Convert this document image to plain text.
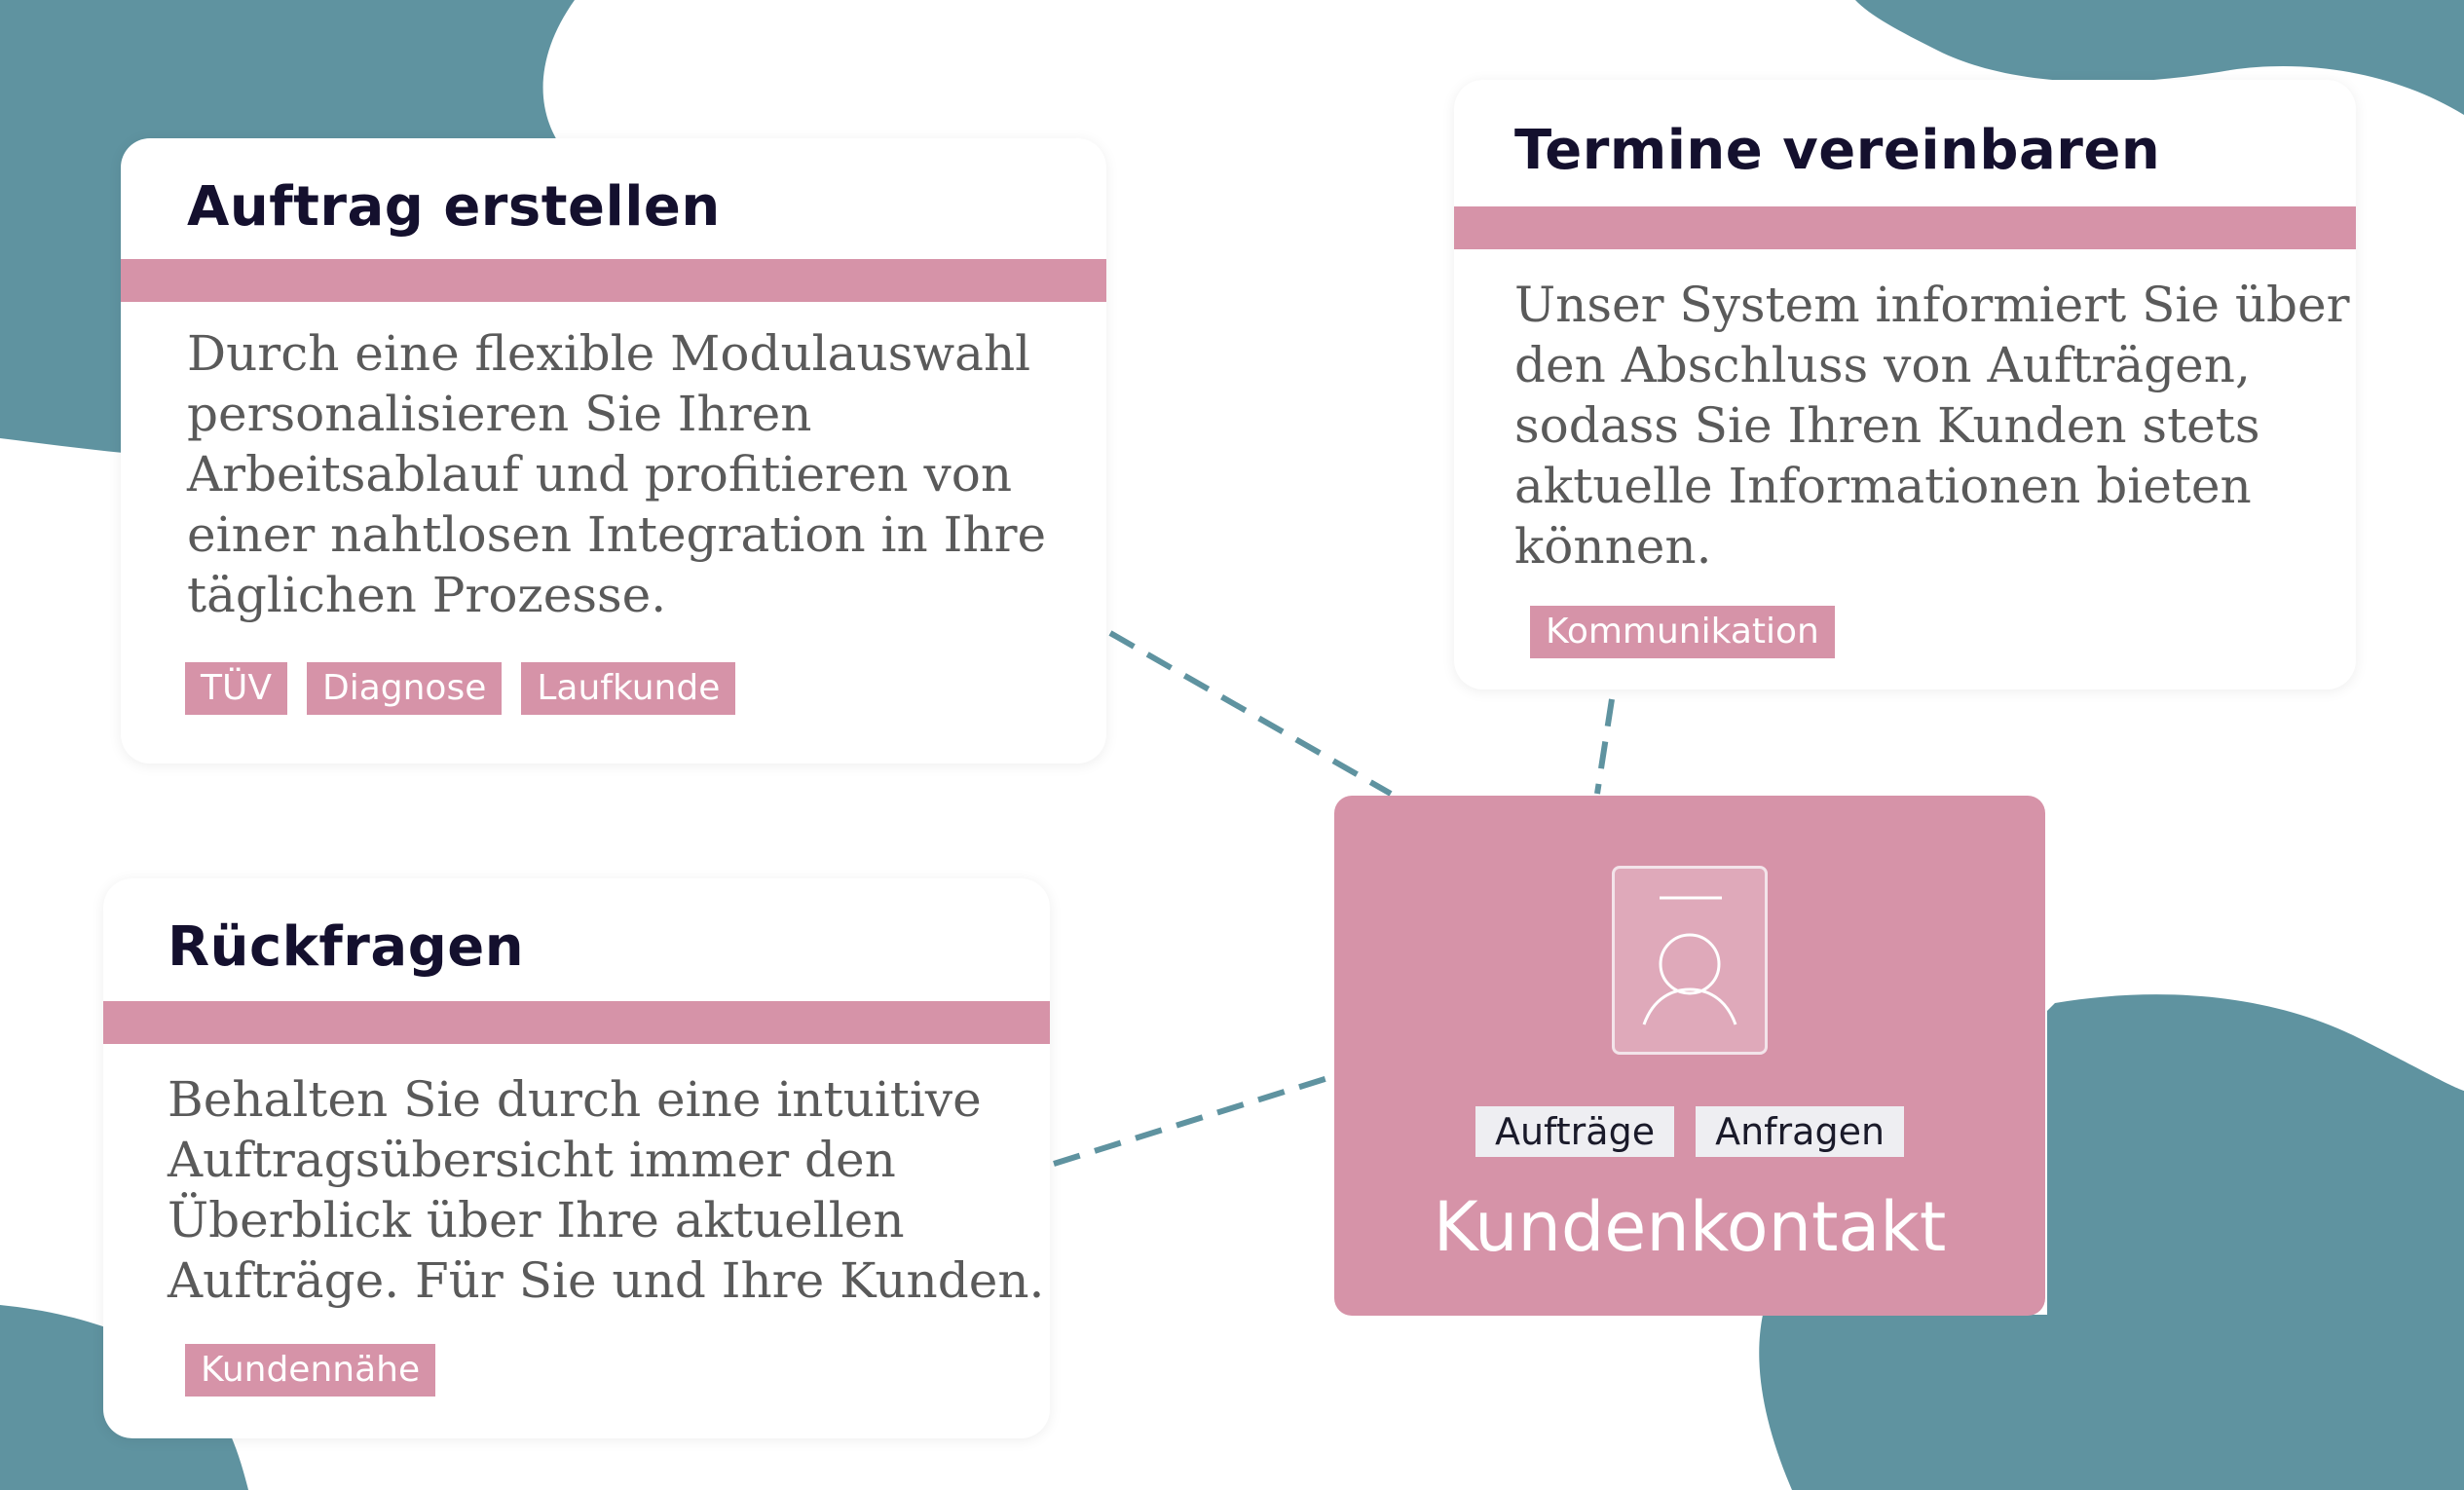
Auftrag erstellen
Durch eine flexible Modulauswahl
personalisieren Sie Ihren
Arbeitsablauf und profitieren von
einer nahtlosen Integration in Ihre
täglichen Prozesse.
TÜV	Diagnose	Laufkunde
Termine vereinbaren
Unser System informiert Sie über
den Abschluss von Aufträgen,
sodass Sie Ihren Kunden stets
aktuelle Informationen bieten
können.
Kommunikation
Rückfragen
Behalten Sie durch eine intuitive
Auftragsübersicht immer den
Überblick über Ihre aktuellen
Aufträge. Für Sie und Ihre Kunden.
Kundennähe
Aufträge	Anfragen
Kundenkontakt
